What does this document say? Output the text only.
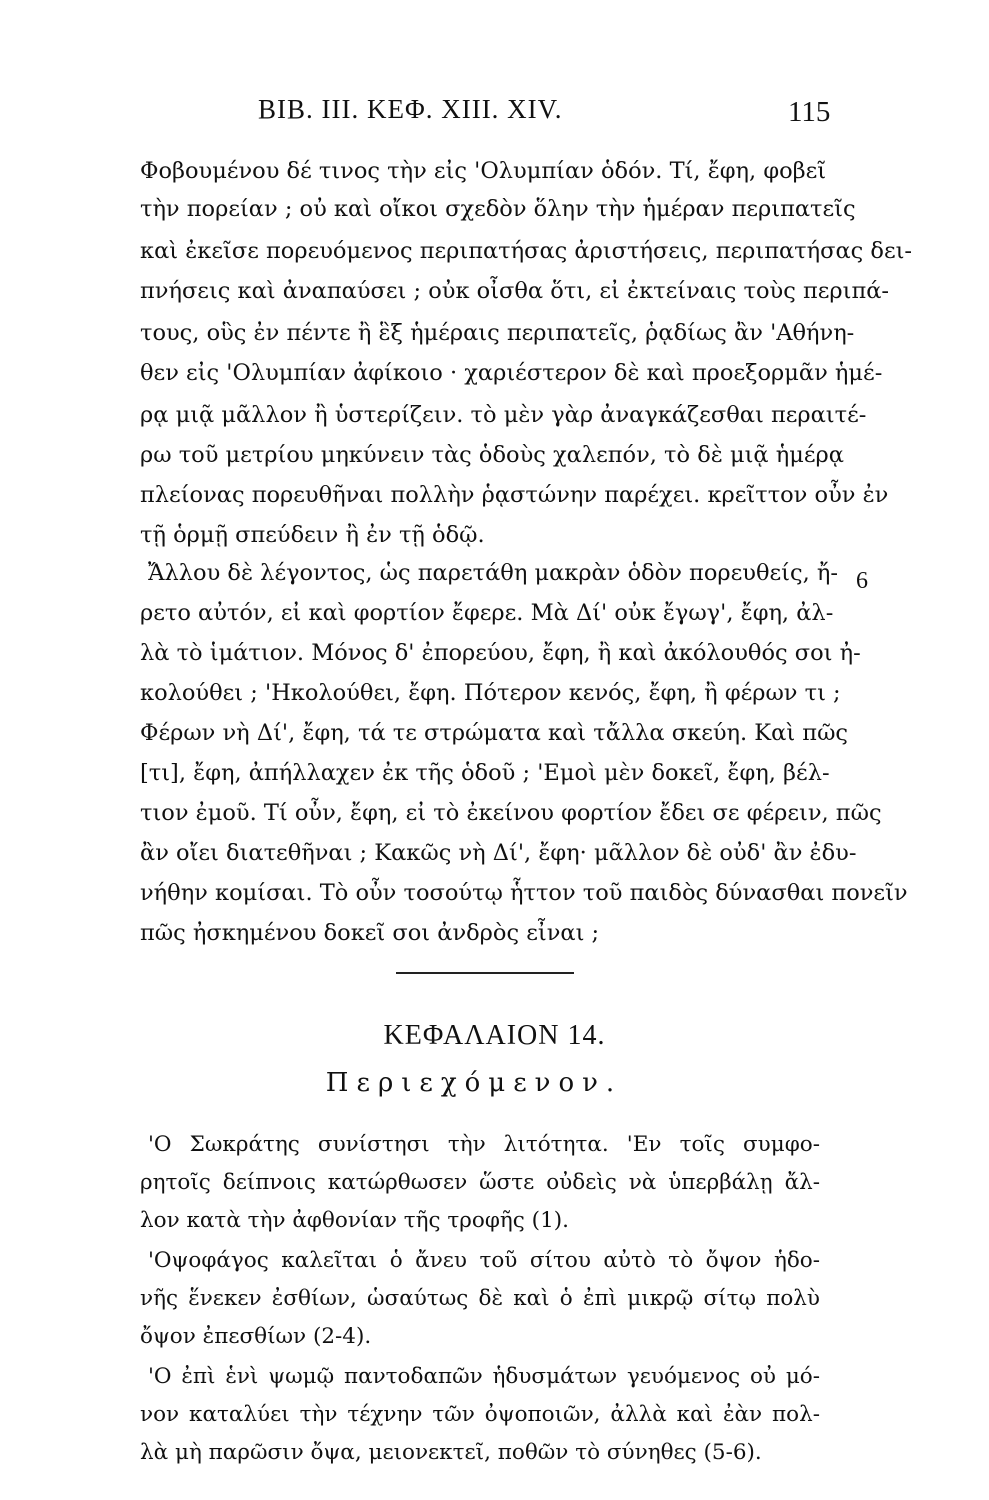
ΒΙΒ. ΙΙΙ. ΚΕΦ. ΧΙΙΙ. ΧΙV.	115
Φοβουμένου δέ τινος τὴν εἰς 'Ολυμπίαν ὁδόν. Τί, ἔφη, φοβεῖ
τὴν πορείαν ; οὐ καὶ οἴκοι σχεδὸν ὅλην τὴν ἡμέραν περιπατεῖς
καὶ ἐκεῖσε πορευόμενος περιπατήσας ἀριστήσεις, περιπατήσας δει-
πνήσεις καὶ ἀναπαύσει ; οὐκ οἶσθα ὅτι, εἰ ἐκτείναις τοὺς περιπά-
τους, οὓς ἐν πέντε ἢ ἓξ ἡμέραις περιπατεῖς, ῥᾳδίως ἂν 'Αθήνη-
θεν εἰς 'Ολυμπίαν ἀφίκοιο · χαριέστερον δὲ καὶ προεξορμᾶν ἡμέ-
ρᾳ μιᾷ μᾶλλον ἢ ὑστερίζειν. τὸ μὲν γὰρ ἀναγκάζεσθαι περαιτέ-
ρω τοῦ μετρίου μηκύνειν τὰς ὁδοὺς χαλεπόν, τὸ δὲ μιᾷ ἡμέρᾳ
πλείονας πορευθῆναι πολλὴν ῥᾳστώνην παρέχει. κρεῖττον οὖν ἐν
τῇ ὁρμῇ σπεύδειν ἢ ἐν τῇ ὁδῷ.
Ἄλλου δὲ λέγοντος, ὡς παρετάθη μακρὰν ὁδὸν πορευθείς, ἤ- 6
ρετο αὐτόν, εἰ καὶ φορτίον ἔφερε. Μὰ Δί' οὐκ ἔγωγ', ἔφη, ἀλ-
λὰ τὸ ἱμάτιον. Μόνος δ' ἐπορεύου, ἔφη, ἢ καὶ ἀκόλουθός σοι ἠ-
κολούθει ; 'Ηκολούθει, ἔφη. Πότερον κενός, ἔφη, ἢ φέρων τι ;
Φέρων νὴ Δί', ἔφη, τά τε στρώματα καὶ τἄλλα σκεύη. Καὶ πῶς
[τι], ἔφη, ἀπήλλαχεν ἐκ τῆς ὁδοῦ ; 'Εμοὶ μὲν δοκεῖ, ἔφη, βέλ-
τιον ἐμοῦ. Τί οὖν, ἔφη, εἰ τὸ ἐκείνου φορτίον ἔδει σε φέρειν, πῶς
ἂν οἴει διατεθῆναι ; Κακῶς νὴ Δί', ἔφη· μᾶλλον δὲ οὐδ' ἂν ἐδυ-
νήθην κομίσαι. Τὸ οὖν τοσούτῳ ἧττον τοῦ παιδὸς δύνασθαι πονεῖν
πῶς ἠσκημένου δοκεῖ σοι ἀνδρὸς εἶναι ;
ΚΕΦΑΛΑΙΟΝ 14.
Περιεχόμενον.
'Ο Σωκράτης συνίστησι τὴν λιτότητα. 'Εν τοῖς συμφο-
ρητοῖς δείπνοις κατώρθωσεν ὥστε οὐδεὶς νὰ ὑπερβάλῃ ἄλ-
λον κατὰ τὴν ἀφθονίαν τῆς τροφῆς (1).
'Οψοφάγος καλεῖται ὁ ἄνευ τοῦ σίτου αὐτὸ τὸ ὄψον ἡδο-
νῆς ἕνεκεν ἐσθίων, ὡσαύτως δὲ καὶ ὁ ἐπὶ μικρῷ σίτῳ πολὺ
ὄψον ἐπεσθίων (2-4).
'Ο ἐπὶ ἑνὶ ψωμῷ παντοδαπῶν ἡδυσμάτων γευόμενος οὐ μό-
νον καταλύει τὴν τέχνην τῶν ὀψοποιῶν, ἀλλὰ καὶ ἐὰν πολ-
λὰ μὴ παρῶσιν ὄψα, μειονεκτεῖ, ποθῶν τὸ σύνηθες (5-6).
